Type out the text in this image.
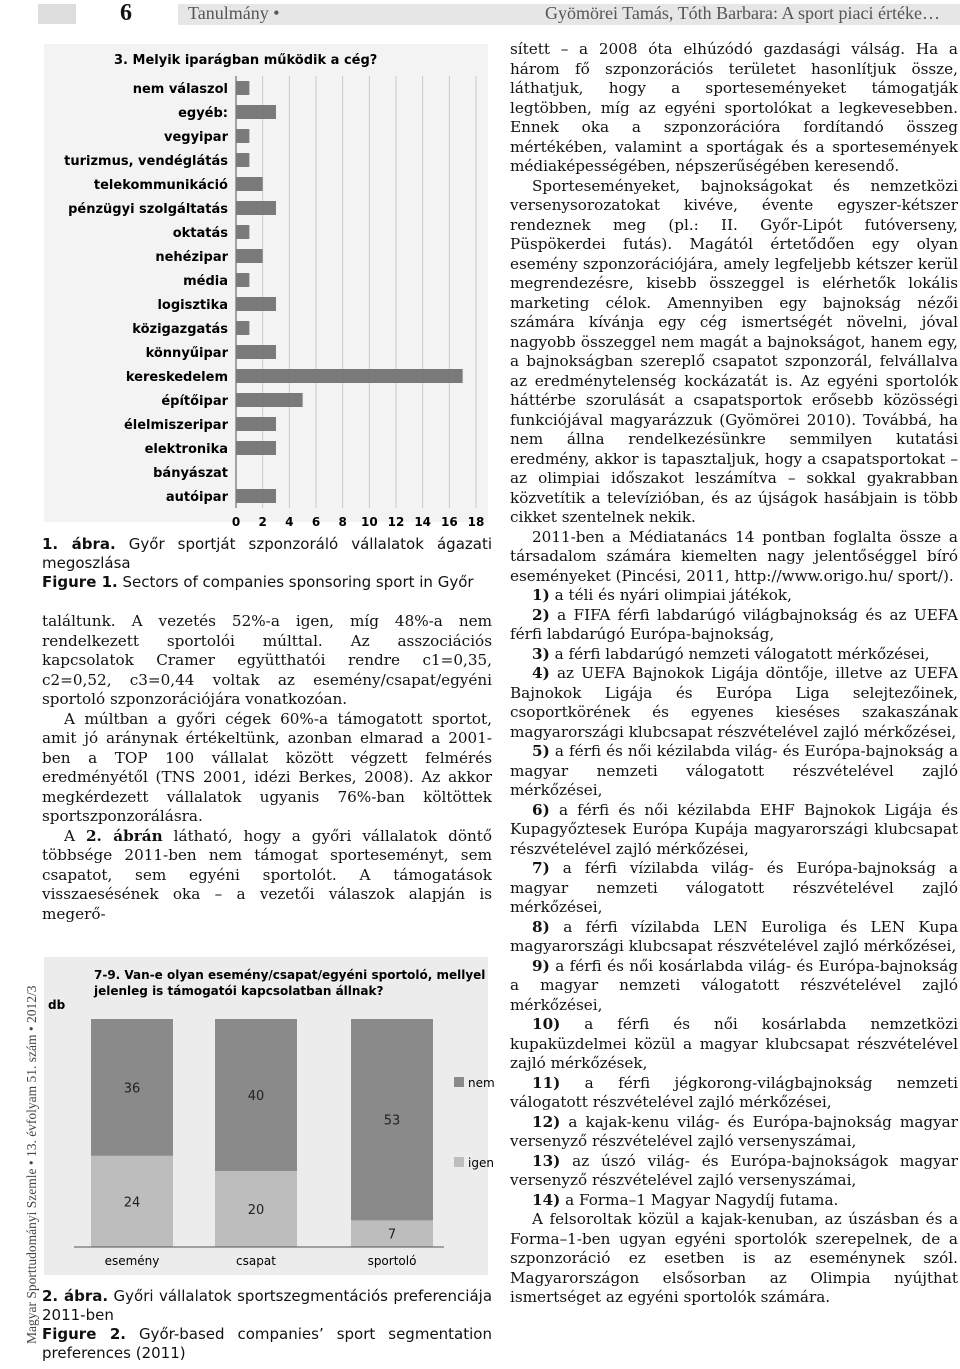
6	Tanulmány •	Gyömörei Tamás, Tóth Barbara: A sport piaci értéke…
Magyar Sporttudományi Szemle • 13. évfolyam 51. szám • 2012/3
3. Melyik iparágban működik a cég?
0 2 4 6 8 10 12 14 16 18
nem válaszol
egyéb:
vegyipar
turizmus, vendéglátás
telekommunikáció
pénzügyi szolgáltatás
oktatás
nehézipar
média
logisztika
közigazgatás
könnyűipar
kereskedelem
építőipar
élelmiszeripar
elektronika
bányászat
autóipar

1. ábra. Győr sportját szponzoráló vállalatok ágazati megoszlása

Figure 1. Sectors of companies sponsoring sport in Győr

találtunk. A vezetés 52%-a igen, míg 48%-a nem rendelkezett sportolói múlttal. Az asszociációs kapcsolatok Cramer együtthatói rendre c1=0,35, c2=0,52, c3=0,44 voltak az esemény/csapat/egyéni sportoló szponzorációjára vonatkozóan.

A múltban a győri cégek 60%-a támogatott sportot, amit jó aránynak értékeltünk, azonban elmarad a 2001-ben a TOP 100 vállalat között végzett felmérés eredményétől (TNS 2001, idézi Berkes, 2008). Az akkor megkérdezett vállalatok ugyanis 76%-ban költöttek sportszponzorálásra.

A 2. ábrán látható, hogy a győri vállalatok döntő többsége 2011-ben nem támogat sporteseményt, sem csapatot, sem egyéni sportolót. A támogatások visszaesésének oka – a vezetői válaszok alapján is megerő-

7-9. Van-e olyan esemény/csapat/egyéni sportoló, mellyel
jelenleg is támogatói kapcsolatban állnak?
db
24
36
esemény
20
40
csapat
7
53
sportoló
nem
igen

2. ábra. Győri vállalatok sportszegmentációs preferenciája 2011-ben

Figure 2. Győr-based companies’ sport segmentation preferences (2011)

sített – a 2008 óta elhúzódó gazdasági válság. Ha a három fő szponzorációs területet hasonlítjuk össze, láthatjuk, hogy a sporteseményeket támogatják legtöbben, míg az egyéni sportolókat a legkevesebben. Ennek oka a szponzorációra fordítandó összeg mértékében, valamint a sportágak és a sportesemények médiaképességében, népszerűségében keresendő.

Sporteseményeket, bajnokságokat és nemzetközi versenysorozatokat kivéve, évente egyszer-kétszer rendeznek meg (pl.: II. Győr-Lipót futóverseny, Püspökerdei futás). Magától értetődően egy olyan esemény szponzorációjára, amely legfeljebb kétszer kerül megrendezésre, kisebb összeggel is elérhetők lokális marketing célok. Amennyiben egy bajnokság nézői számára kívánja egy cég ismertségét növelni, jóval nagyobb összeggel nem magát a bajnokságot, hanem egy, a bajnokságban szereplő csapatot szponzorál, felvállalva az eredménytelenség kockázatát is. Az egyéni sportolók háttérbe szorulását a csapatsportok erősebb közösségi funkciójával magyarázzuk (Gyömörei 2010). Továbbá, ha nem állna rendelkezésünkre semmilyen kutatási eredmény, akkor is tapasztaljuk, hogy a csapatsportokat – az olimpiai időszakot leszámítva – sokkal gyakrabban közvetítik a televízióban, és az újságok hasábjain is több cikket szentelnek nekik.

2011-ben a Médiatanács 14 pontban foglalta össze a társadalom számára kiemelten nagy jelentőséggel bíró eseményeket (Pincési, 2011, http://www.origo.hu/ sport/).

1) a téli és nyári olimpiai játékok,

2) a FIFA férfi labdarúgó világbajnokság és az UEFA férfi labdarúgó Európa-bajnokság,

3) a férfi labdarúgó nemzeti válogatott mérkőzései,

4) az UEFA Bajnokok Ligája döntője, illetve az UEFA Bajnokok Ligája és Európa Liga selejtezőinek, csoportkörének és egyenes kieséses szakaszának magyarországi klubcsapat részvételével zajló mérkőzései,

5) a férfi és női kézilabda világ- és Európa-bajnokság a magyar nemzeti válogatott részvételével zajló mérkőzései,

6) a férfi és női kézilabda EHF Bajnokok Ligája és Kupagyőztesek Európa Kupája magyarországi klubcsapat részvételével zajló mérkőzései,

7) a férfi vízilabda világ- és Európa-bajnokság a magyar nemzeti válogatott részvételével zajló mérkőzései,

8) a férfi vízilabda LEN Euroliga és LEN Kupa magyarországi klubcsapat részvételével zajló mérkőzései,

9) a férfi és női kosárlabda világ- és Európa-bajnokság a magyar nemzeti válogatott részvételével zajló mérkőzései,

10) a férfi és női kosárlabda nemzetközi kupaküzdelmei közül a magyar klubcsapat részvételével zajló mérkőzések,

11) a férfi jégkorong-világbajnokság nemzeti válogatott részvételével zajló mérkőzései,

12) a kajak-kenu világ- és Európa-bajnokság magyar versenyző részvételével zajló versenyszámai,

13) az úszó világ- és Európa-bajnokságok magyar versenyző részvételével zajló versenyszámai,

14) a Forma–1 Magyar Nagydíj futama.

A felsoroltak közül a kajak-kenuban, az úszásban és a Forma–1-ben ugyan egyéni sportolók szerepelnek, de a szponzoráció ez esetben is az eseménynek szól. Magyarországon elsősorban az Olimpia nyújthat ismertséget az egyéni sportolók számára.
